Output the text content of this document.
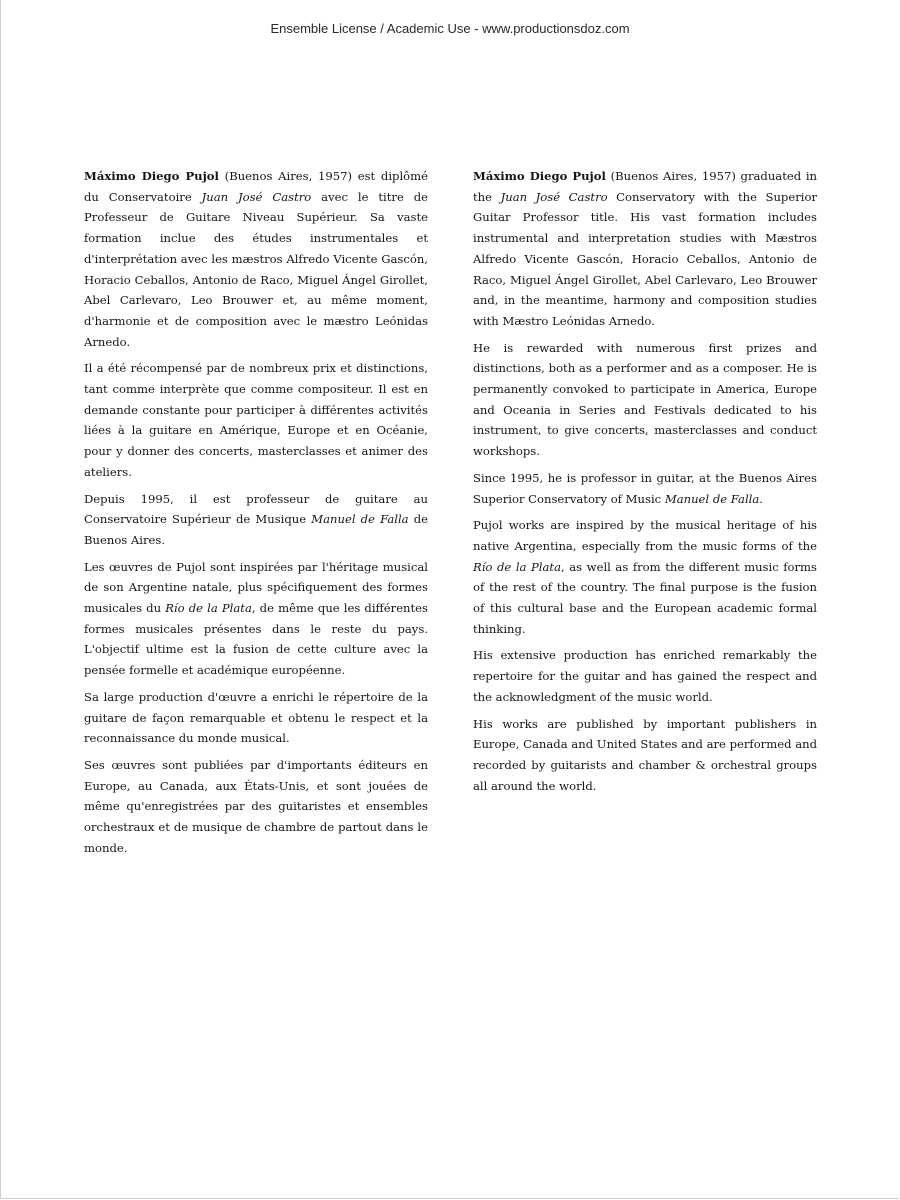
Ensemble License / Academic Use - www.productionsdoz.com

Máximo Diego Pujol (Buenos Aires, 1957) est diplômé du Conservatoire Juan José Castro avec le titre de Professeur de Guitare Niveau Supérieur. Sa vaste formation inclue des études instrumentales et d'interprétation avec les mæstros Alfredo Vicente Gascón, Horacio Ceballos, Antonio de Raco, Miguel Ángel Girollet, Abel Carlevaro, Leo Brouwer et, au même moment, d'harmonie et de composition avec le mæstro Leónidas Arnedo.

Il a été récompensé par de nombreux prix et distinctions, tant comme interprète que comme compositeur. Il est en demande constante pour participer à différentes activités liées à la guitare en Amérique, Europe et en Océanie, pour y donner des concerts, masterclasses et animer des ateliers.

Depuis 1995, il est professeur de guitare au Conservatoire Supérieur de Musique Manuel de Falla de Buenos Aires.

Les œuvres de Pujol sont inspirées par l'héritage musical de son Argentine natale, plus spécifiquement des formes musicales du Río de la Plata, de même que les différentes formes musicales présentes dans le reste du pays. L'objectif ultime est la fusion de cette culture avec la pensée formelle et académique européenne.

Sa large production d'œuvre a enrichi le répertoire de la guitare de façon remarquable et obtenu le respect et la reconnaissance du monde musical.

Ses œuvres sont publiées par d'importants éditeurs en Europe, au Canada, aux États-Unis, et sont jouées de même qu'enregistrées par des guitaristes et ensembles orchestraux et de musique de chambre de partout dans le monde.

Máximo Diego Pujol (Buenos Aires, 1957) graduated in the Juan José Castro Conservatory with the Superior Guitar Professor title. His vast formation includes instrumental and interpretation studies with Mæstros Alfredo Vicente Gascón, Horacio Ceballos, Antonio de Raco, Miguel Ángel Girollet, Abel Carlevaro, Leo Brouwer and, in the meantime, harmony and composition studies with Mæstro Leónidas Arnedo.

He is rewarded with numerous first prizes and distinctions, both as a performer and as a composer. He is permanently convoked to participate in America, Europe and Oceania in Series and Festivals dedicated to his instrument, to give concerts, masterclasses and conduct workshops.

Since 1995, he is professor in guitar, at the Buenos Aires Superior Conservatory of Music Manuel de Falla.

Pujol works are inspired by the musical heritage of his native Argentina, especially from the music forms of the Río de la Plata, as well as from the different music forms of the rest of the country. The final purpose is the fusion of this cultural base and the European academic formal thinking.

His extensive production has enriched remarkably the repertoire for the guitar and has gained the respect and the acknowledgment of the music world.

His works are published by important publishers in Europe, Canada and United States and are performed and recorded by guitarists and chamber & orchestral groups all around the world.
